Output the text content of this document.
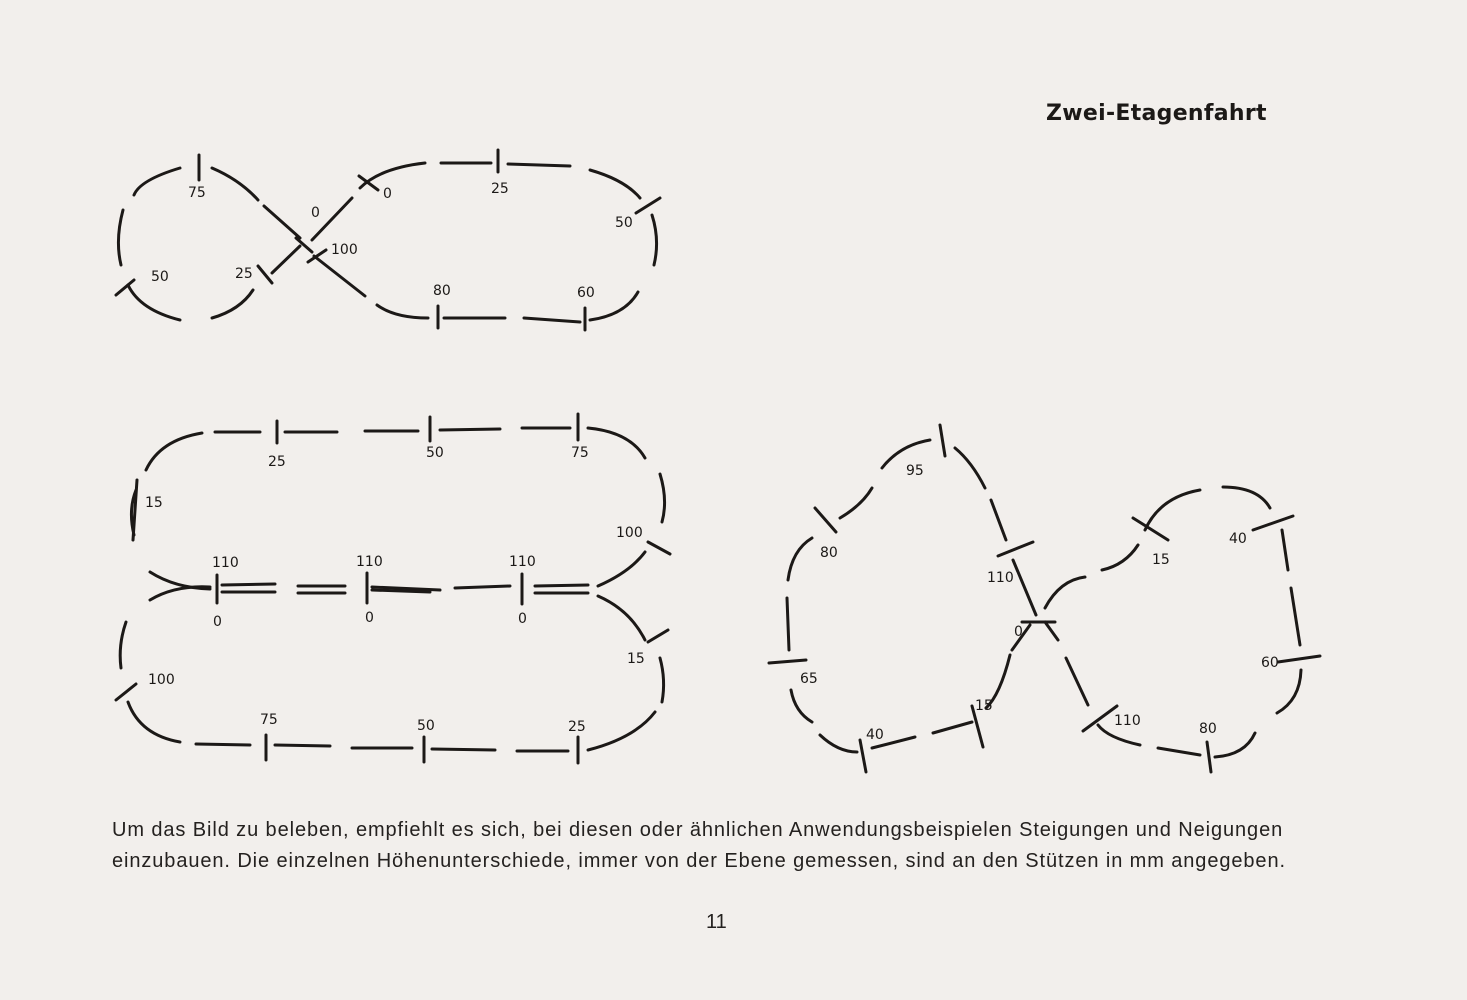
Zwei-Etagenfahrt
75
0
0	25
50
100
50	25
80	60
25
50	75
15
100
110	110	110
0	0	0
15
100
75	50	25
95
80
110
15
40
0
65
60
15
40
110	80

Um das Bild zu beleben, empfiehlt es sich, bei diesen oder ähnlichen Anwendungsbeispielen Steigungen und Neigungen
einzubauen. Die einzelnen Höhenunterschiede, immer von der Ebene gemessen, sind an den Stützen in mm angegeben.

11
